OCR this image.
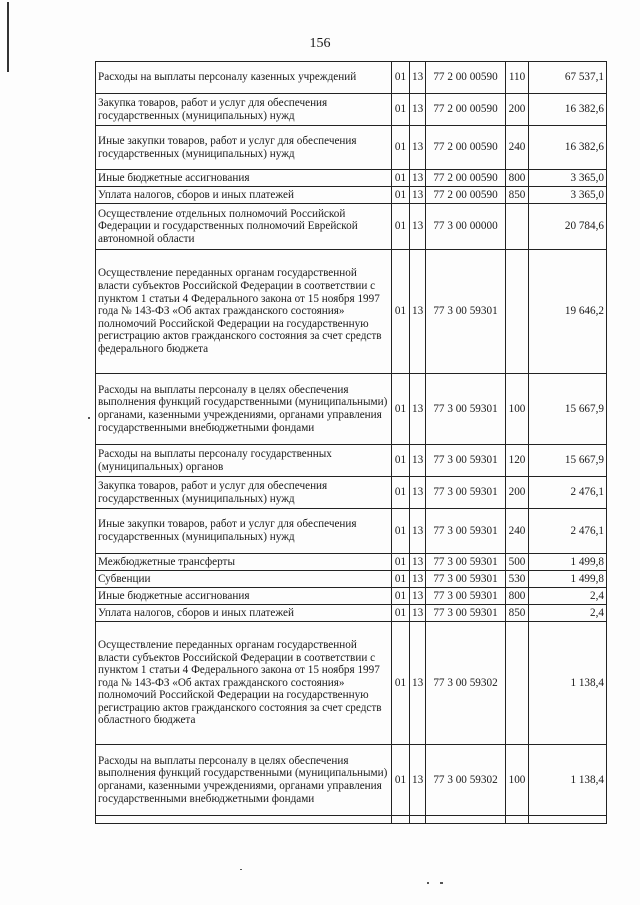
156
Расходы на выплаты персоналу казенных учреждений	01	13	77 2 00 00590	110	67 537,1
Закупка товаров, работ и услуг для обеспечения государственных (муниципальных) нужд	01	13	77 2 00 00590	200	16 382,6
Иные закупки товаров, работ и услуг для обеспечения государственных (муниципальных) нужд	01	13	77 2 00 00590	240	16 382,6
Иные бюджетные ассигнования	01	13	77 2 00 00590	800	3 365,0
Уплата налогов, сборов и иных платежей	01	13	77 2 00 00590	850	3 365,0
Осуществление отдельных полномочий Российской Федерации и государственных полномочий Еврейской автономной области	01	13	77 3 00 00000		20 784,6
Осуществление переданных органам государственной власти субъектов Российской Федерации в соответствии с пунктом 1 статьи 4 Федерального закона от 15 ноября 1997 года № 143-ФЗ «Об актах гражданского состояния» полномочий Российской Федерации на государственную регистрацию актов гражданского состояния за счет средств федерального бюджета	01	13	77 3 00 59301		19 646,2
Расходы на выплаты персоналу в целях обеспечения выполнения функций государственными (муниципальными) органами, казенными учреждениями, органами управления государственными внебюджетными фондами	01	13	77 3 00 59301	100	15 667,9
Расходы на выплаты персоналу государственных (муниципальных) органов	01	13	77 3 00 59301	120	15 667,9
Закупка товаров, работ и услуг для обеспечения государственных (муниципальных) нужд	01	13	77 3 00 59301	200	2 476,1
Иные закупки товаров, работ и услуг для обеспечения государственных (муниципальных) нужд	01	13	77 3 00 59301	240	2 476,1
Межбюджетные трансферты	01	13	77 3 00 59301	500	1 499,8
Субвенции	01	13	77 3 00 59301	530	1 499,8
Иные бюджетные ассигнования	01	13	77 3 00 59301	800	2,4
Уплата налогов, сборов и иных платежей	01	13	77 3 00 59301	850	2,4
Осуществление переданных органам государственной власти субъектов Российской Федерации в соответствии с пунктом 1 статьи 4 Федерального закона от 15 ноября 1997 года № 143-ФЗ «Об актах гражданского состояния» полномочий Российской Федерации на государственную регистрацию актов гражданского состояния за счет средств областного бюджета	01	13	77 3 00 59302		1 138,4
Расходы на выплаты персоналу в целях обеспечения выполнения функций государственными (муниципальными) органами, казенными учреждениями, органами управления государственными внебюджетными фондами	01	13	77 3 00 59302	100	1 138,4
